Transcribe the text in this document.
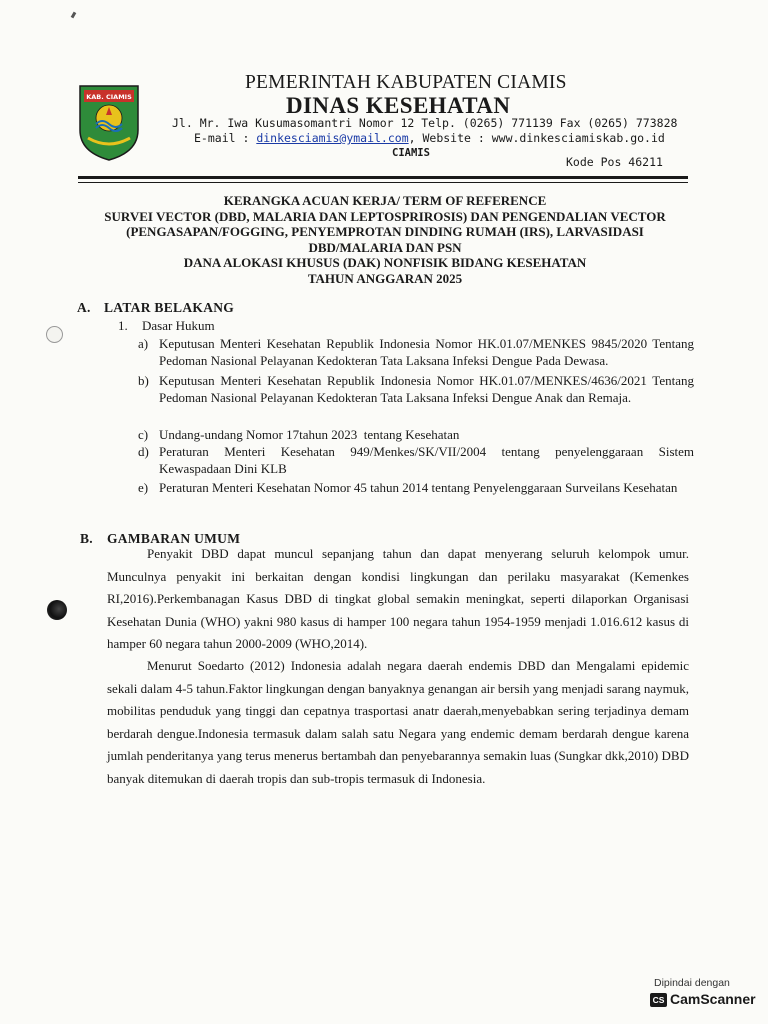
KAB. CIAMIS
PEMERINTAH KABUPATEN CIAMIS
DINAS KESEHATAN
Jl. Mr. Iwa Kusumasomantri Nomor 12 Telp. (0265) 771139 Fax (0265) 773828
E-mail : dinkesciamis@ymail.com, Website : www.dinkesciamiskab.go.id
CIAMIS
Kode Pos 46211
KERANGKA ACUAN KERJA/ TERM OF REFERENCE
SURVEI VECTOR (DBD, MALARIA DAN LEPTOSPRIROSIS) DAN PENGENDALIAN VECTOR
(PENGASAPAN/FOGGING, PENYEMPROTAN DINDING RUMAH (IRS), LARVASIDASI
DBD/MALARIA DAN PSN
DANA ALOKASI KHUSUS (DAK) NONFISIK BIDANG KESEHATAN
TAHUN ANGGARAN 2025
A. LATAR BELAKANG
1. Dasar Hukum
a) Keputusan Menteri Kesehatan Republik Indonesia Nomor HK.01.07/MENKES 9845/2020 Tentang Pedoman Nasional Pelayanan Kedokteran Tata Laksana Infeksi Dengue Pada Dewasa.
b) Keputusan Menteri Kesehatan Republik Indonesia Nomor HK.01.07/MENKES/4636/2021 Tentang Pedoman Nasional Pelayanan Kedokteran Tata Laksana Infeksi Dengue Anak dan Remaja.
c) Undang-undang Nomor 17tahun 2023  tentang Kesehatan
d) Peraturan Menteri Kesehatan 949/Menkes/SK/VII/2004 tentang penyelenggaraan Sistem Kewaspadaan Dini KLB
e) Peraturan Menteri Kesehatan Nomor 45 tahun 2014 tentang Penyelenggaraan Surveilans Kesehatan
B. GAMBARAN UMUM

Penyakit DBD dapat muncul sepanjang tahun dan dapat menyerang seluruh kelompok umur. Munculnya penyakit ini berkaitan dengan kondisi lingkungan dan perilaku masyarakat (Kemenkes RI,2016).Perkembanagan Kasus DBD di tingkat global semakin meningkat, seperti dilaporkan Organisasi Kesehatan Dunia (WHO) yakni 980 kasus di hamper 100 negara tahun 1954-1959 menjadi 1.016.612 kasus di hamper 60 negara tahun 2000-2009 (WHO,2014).

Menurut Soedarto (2012) Indonesia adalah negara daerah endemis DBD dan Mengalami epidemic sekali dalam 4-5 tahun.Faktor lingkungan dengan banyaknya genangan air bersih yang menjadi sarang naymuk, mobilitas penduduk yang tinggi dan cepatnya trasportasi anatr daerah,menyebabkan sering terjadinya demam berdarah dengue.Indonesia termasuk dalam salah satu Negara yang endemic demam berdarah dengue karena jumlah penderitanya yang terus menerus bertambah dan penyebarannya semakin luas (Sungkar dkk,2010) DBD banyak ditemukan di daerah tropis dan sub-tropis termasuk di Indonesia.

Dipindai dengan
CS CamScanner
